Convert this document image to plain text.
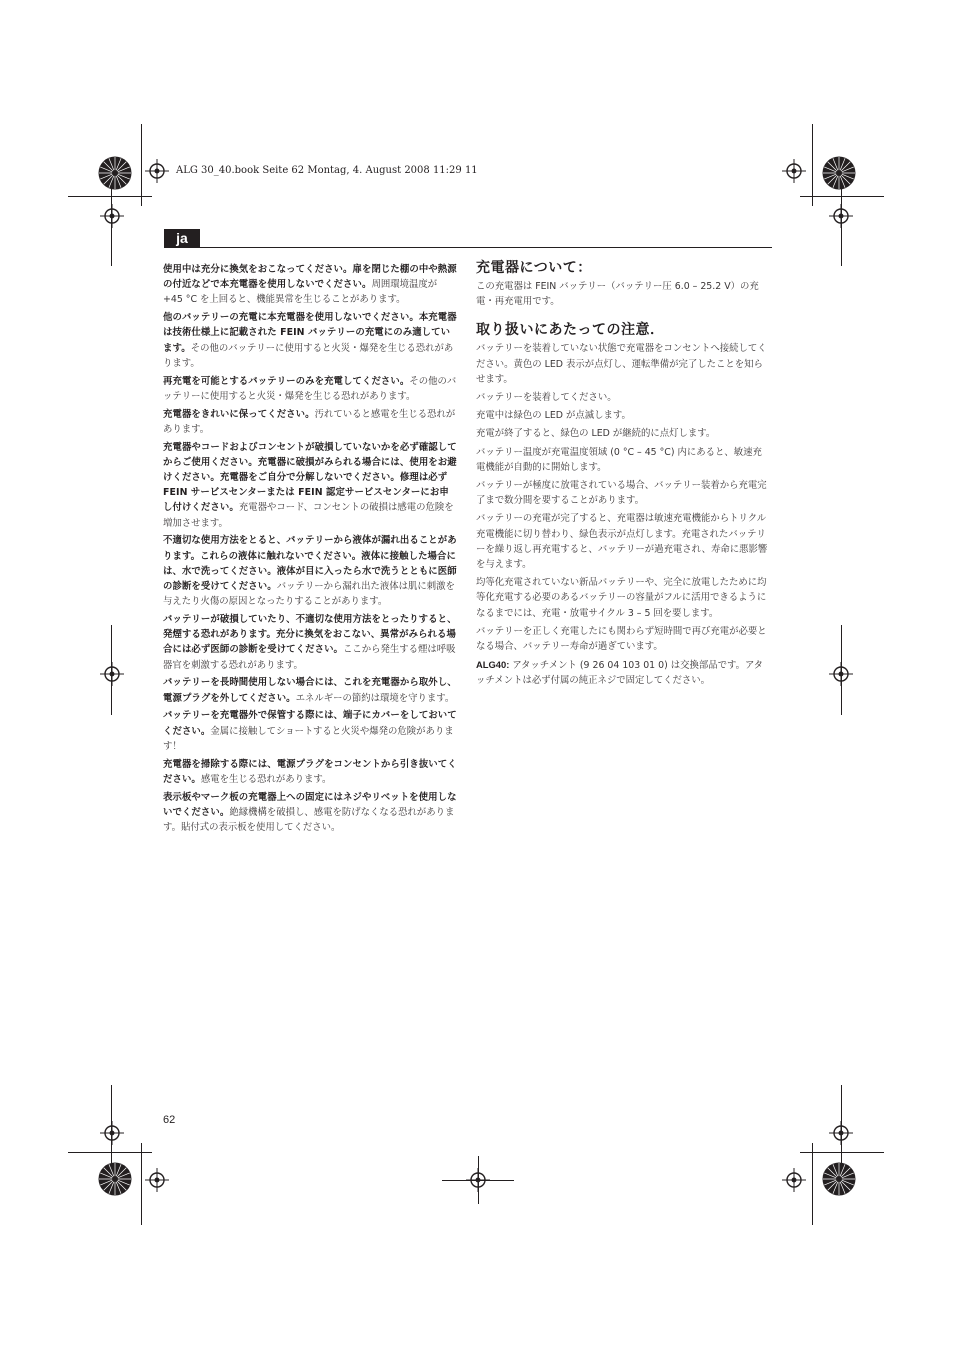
ALG 30_40.book Seite 62 Montag, 4. August 2008 11:29 11
ja

使用中は充分に換気をおこなってください。扉を閉じた棚の中や熱源の付近などで本充電器を使用しないでください。周囲環境温度が +45 °C を上回ると、機能異常を生じることがあります。

他のバッテリーの充電に本充電器を使用しないでください。本充電器は技術仕様上に記載された FEIN バッテリーの充電にのみ適しています。その他のバッテリーに使用すると火災・爆発を生じる恐れがあります。

再充電を可能とするバッテリーのみを充電してください。その他のバッテリーに使用すると火災・爆発を生じる恐れがあります。

充電器をきれいに保ってください。汚れていると感電を生じる恐れがあります。

充電器やコードおよびコンセントが破損していないかを必ず確認してからご使用ください。充電器に破損がみられる場合には、使用をお避けください。充電器をご自分で分解しないでください。修理は必ず FEIN サービスセンターまたは FEIN 認定サービスセンターにお申し付けください。充電器やコード、コンセントの破損は感電の危険を増加させます。

不適切な使用方法をとると、バッテリーから液体が漏れ出ることがあります。これらの液体に触れないでください。液体に接触した場合には、水で洗ってください。液体が目に入ったら水で洗うとともに医師の診断を受けてください。バッテリーから漏れ出た液体は肌に刺激を与えたり火傷の原因となったりすることがあります。

バッテリーが破損していたり、不適切な使用方法をとったりすると、発煙する恐れがあります。充分に換気をおこない、異常がみられる場合には必ず医師の診断を受けてください。ここから発生する煙は呼吸器官を刺激する恐れがあります。

バッテリーを長時間使用しない場合には、これを充電器から取外し、電源プラグを外してください。エネルギーの節約は環境を守ります。

バッテリーを充電器外で保管する際には、端子にカバーをしておいてください。金属に接触してショートすると火災や爆発の危険があります！

充電器を掃除する際には、電源プラグをコンセントから引き抜いてください。感電を生じる恐れがあります。

表示板やマーク板の充電器上への固定にはネジやリベットを使用しないでください。絶縁機構を破損し、感電を防げなくなる恐れがあります。貼付式の表示板を使用してください。

充電器について：

この充電器は FEIN バッテリー（バッテリー圧 6.0 – 25.2 V）の充電・再充電用です。

取り扱いにあたっての注意．

バッテリーを装着していない状態で充電器をコンセントへ接続してください。黄色の LED 表示が点灯し、運転準備が完了したことを知らせます。

バッテリーを装着してください。

充電中は緑色の LED が点滅します。

充電が終了すると、緑色の LED が継続的に点灯します。

バッテリー温度が充電温度領域 (0 °C – 45 °C) 内にあると、敏速充電機能が自動的に開始します。

バッテリーが極度に放電されている場合、バッテリー装着から充電完了まで数分間を要することがあります。

バッテリーの充電が完了すると、充電器は敏速充電機能からトリクル充電機能に切り替わり、緑色表示が点灯します。充電されたバッテリーを繰り返し再充電すると、バッテリーが過充電され、寿命に悪影響を与えます。

均等化充電されていない新品バッテリーや、完全に放電したために均等化充電する必要のあるバッテリーの容量がフルに活用できるようになるまでには、充電・放電サイクル 3 – 5 回を要します。

バッテリーを正しく充電したにも関わらず短時間で再び充電が必要となる場合、バッテリー寿命が過ぎています。

ALG40: アタッチメント (9 26 04 103 01 0) は交換部品です。アタッチメントは必ず付属の純正ネジで固定してください。

62
